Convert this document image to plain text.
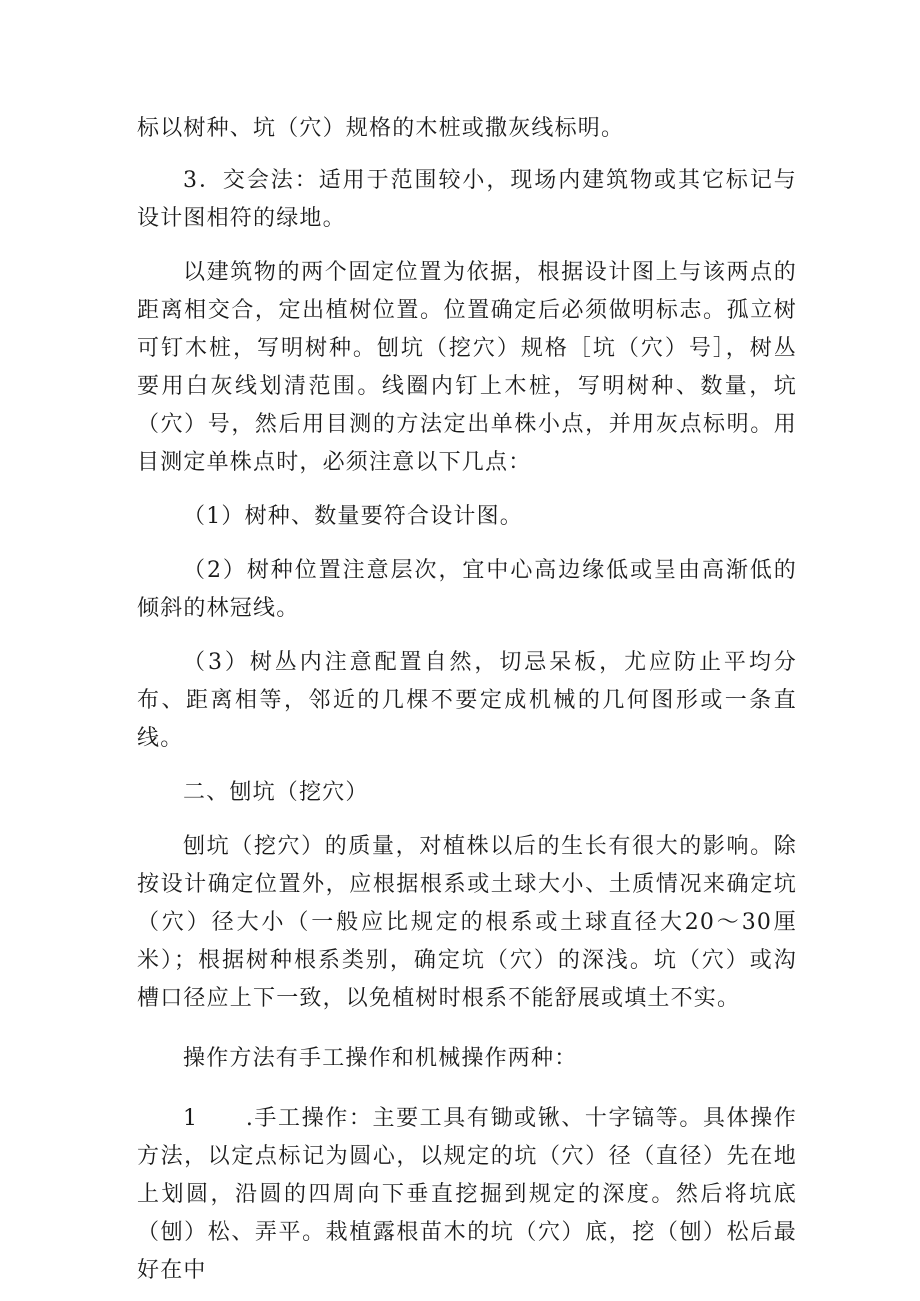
标以树种、坑（穴）规格的木桩或撒灰线标明。

3．交会法：适用于范围较小，现场内建筑物或其它标记与设计图相符的绿地。

以建筑物的两个固定位置为依据，根据设计图上与该两点的距离相交合，定出植树位置。位置确定后必须做明标志。孤立树可钉木桩，写明树种。刨坑（挖穴）规格［坑（穴）号］，树丛要用白灰线划清范围。线圈内钉上木桩，写明树种、数量，坑（穴）号，然后用目测的方法定出单株小点，并用灰点标明。用目测定单株点时，必须注意以下几点：

（1）树种、数量要符合设计图。

（2）树种位置注意层次，宜中心高边缘低或呈由高渐低的倾斜的林冠线。

（3）树丛内注意配置自然，切忌呆板，尤应防止平均分布、距离相等，邻近的几棵不要定成机械的几何图形或一条直线。

二、刨坑（挖穴）

刨坑（挖穴）的质量，对植株以后的生长有很大的影响。除按设计确定位置外，应根据根系或土球大小、土质情况来确定坑（穴）径大小（一般应比规定的根系或土球直径大20～30厘米）；根据树种根系类别，确定坑（穴）的深浅。坑（穴）或沟槽口径应上下一致，以免植树时根系不能舒展或填土不实。

操作方法有手工操作和机械操作两种：

1　　.手工操作：主要工具有锄或锹、十字镐等。具体操作方法，以定点标记为圆心，以规定的坑（穴）径（直径）先在地上划圆，沿圆的四周向下垂直挖掘到规定的深度。然后将坑底（刨）松、弄平。栽植露根苗木的坑（穴）底，挖（刨）松后最好在中
